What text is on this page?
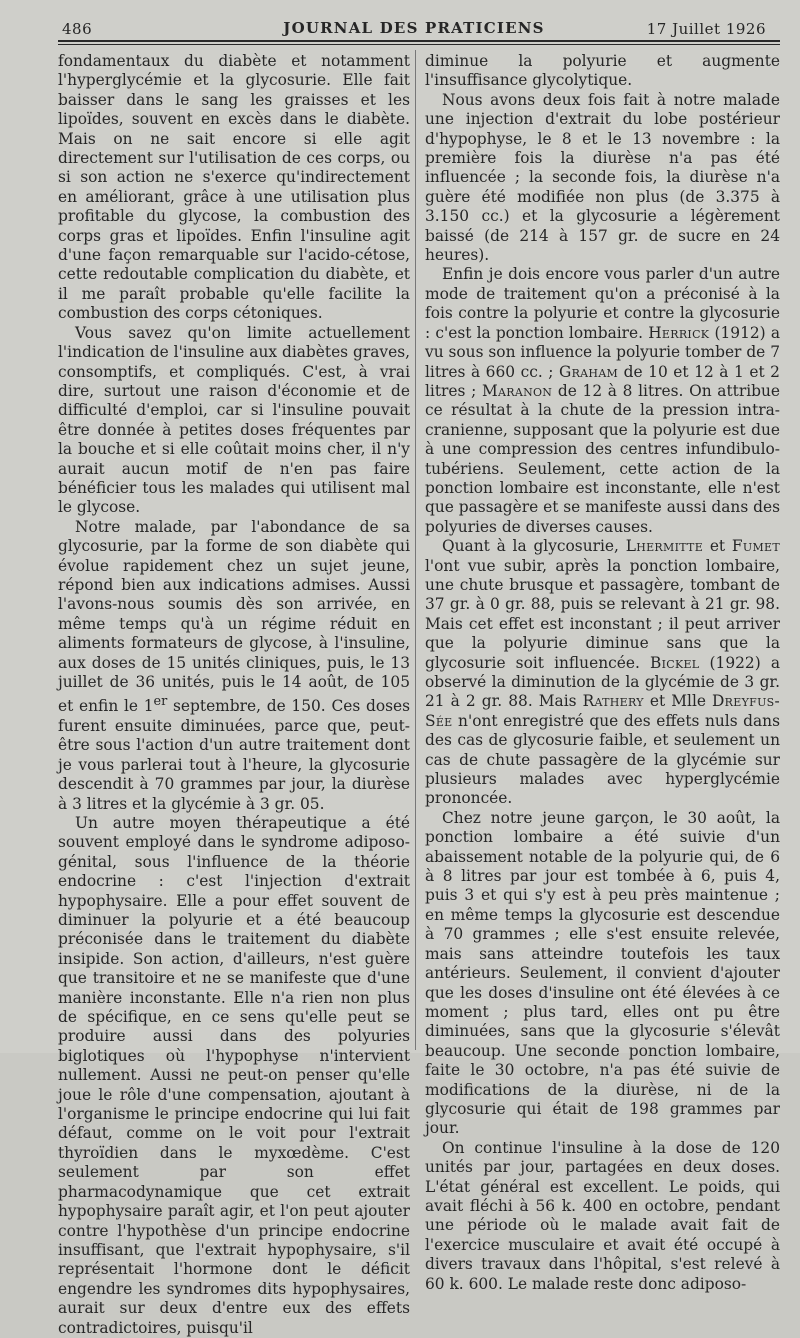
486	JOURNAL DES PRATICIENS	17 Juillet 1926

fondamentaux du diabète et notamment l'hyperglycémie et la glycosurie. Elle fait baisser dans le sang les graisses et les lipoïdes, souvent en excès dans le diabète. Mais on ne sait encore si elle agit directement sur l'utilisation de ces corps, ou si son action ne s'exerce qu'indirectement en améliorant, grâce à une utilisation plus profitable du glycose, la combustion des corps gras et lipoïdes. Enfin l'insuline agit d'une façon remarquable sur l'acido-cétose, cette redoutable complication du diabète, et il me paraît probable qu'elle facilite la combustion des corps cétoniques.

Vous savez qu'on limite actuellement l'indication de l'insuline aux diabètes graves, consomptifs, et compliqués. C'est, à vrai dire, surtout une raison d'économie et de difficulté d'emploi, car si l'insuline pouvait être donnée à petites doses fréquentes par la bouche et si elle coûtait moins cher, il n'y aurait aucun motif de n'en pas faire bénéficier tous les malades qui utilisent mal le glycose.

Notre malade, par l'abondance de sa glycosurie, par la forme de son diabète qui évolue rapidement chez un sujet jeune, répond bien aux indications admises. Aussi l'avons-nous soumis dès son arrivée, en même temps qu'à un régime réduit en aliments formateurs de glycose, à l'insuline, aux doses de 15 unités cliniques, puis, le 13 juillet de 36 unités, puis le 14 août, de 105 et enfin le 1er septembre, de 150. Ces doses furent ensuite diminuées, parce que, peut-être sous l'action d'un autre traitement dont je vous parlerai tout à l'heure, la glycosurie descendit à 70 grammes par jour, la diurèse à 3 litres et la glycémie à 3 gr. 05.

Un autre moyen thérapeutique a été souvent employé dans le syndrome adiposo-génital, sous l'influence de la théorie endocrine : c'est l'injection d'extrait hypophysaire. Elle a pour effet souvent de diminuer la polyurie et a été beaucoup préconisée dans le traitement du diabète insipide. Son action, d'ailleurs, n'est guère que transitoire et ne se manifeste que d'une manière inconstante. Elle n'a rien non plus de spécifique, en ce sens qu'elle peut se produire aussi dans des polyuries biglotiques où l'hypophyse n'intervient nullement. Aussi ne peut-on penser qu'elle joue le rôle d'une compensation, ajoutant à l'organisme le principe endocrine qui lui fait défaut, comme on le voit pour l'extrait thyroïdien dans le myxœdème. C'est seulement par son effet pharmacodynamique que cet extrait hypophysaire paraît agir, et l'on peut ajouter contre l'hypothèse d'un principe endocrine insuffisant, que l'extrait hypophysaire, s'il représentait l'hormone dont le déficit engendre les syndromes dits hypophysaires, aurait sur deux d'entre eux des effets contradictoires, puisqu'il

diminue la polyurie et augmente l'insuffisance glycolytique.

Nous avons deux fois fait à notre malade une injection d'extrait du lobe postérieur d'hypophyse, le 8 et le 13 novembre : la première fois la diurèse n'a pas été influencée ; la seconde fois, la diurèse n'a guère été modifiée non plus (de 3.375 à 3.150 cc.) et la glycosurie a légèrement baissé (de 214 à 157 gr. de sucre en 24 heures).

Enfin je dois encore vous parler d'un autre mode de traitement qu'on a préconisé à la fois contre la polyurie et contre la glycosurie : c'est la ponction lombaire. Herrick (1912) a vu sous son influence la polyurie tomber de 7 litres à 660 cc. ; Graham de 10 et 12 à 1 et 2 litres ; Maranon de 12 à 8 litres. On attribue ce résultat à la chute de la pression intra-cranienne, supposant que la polyurie est due à une compression des centres infundibulo-tubériens. Seulement, cette action de la ponction lombaire est inconstante, elle n'est que passagère et se manifeste aussi dans des polyuries de diverses causes.

Quant à la glycosurie, Lhermitte et Fumet l'ont vue subir, après la ponction lombaire, une chute brusque et passagère, tombant de 37 gr. à 0 gr. 88, puis se relevant à 21 gr. 98. Mais cet effet est inconstant ; il peut arriver que la polyurie diminue sans que la glycosurie soit influencée. Bickel (1922) a observé la diminution de la glycémie de 3 gr. 21 à 2 gr. 88. Mais Rathery et Mlle Dreyfus-Sée n'ont enregistré que des effets nuls dans des cas de glycosurie faible, et seulement un cas de chute passagère de la glycémie sur plusieurs malades avec hyperglycémie prononcée.

Chez notre jeune garçon, le 30 août, la ponction lombaire a été suivie d'un abaissement notable de la polyurie qui, de 6 à 8 litres par jour est tombée à 6, puis 4, puis 3 et qui s'y est à peu près maintenue ; en même temps la glycosurie est descendue à 70 grammes ; elle s'est ensuite relevée, mais sans atteindre toutefois les taux antérieurs. Seulement, il convient d'ajouter que les doses d'insuline ont été élevées à ce moment ; plus tard, elles ont pu être diminuées, sans que la glycosurie s'élevât beaucoup. Une seconde ponction lombaire, faite le 30 octobre, n'a pas été suivie de modifications de la diurèse, ni de la glycosurie qui était de 198 grammes par jour.

On continue l'insuline à la dose de 120 unités par jour, partagées en deux doses. L'état général est excellent. Le poids, qui avait fléchi à 56 k. 400 en octobre, pendant une période où le malade avait fait de l'exercice musculaire et avait été occupé à divers travaux dans l'hôpital, s'est relevé à 60 k. 600. Le malade reste donc adiposo-
